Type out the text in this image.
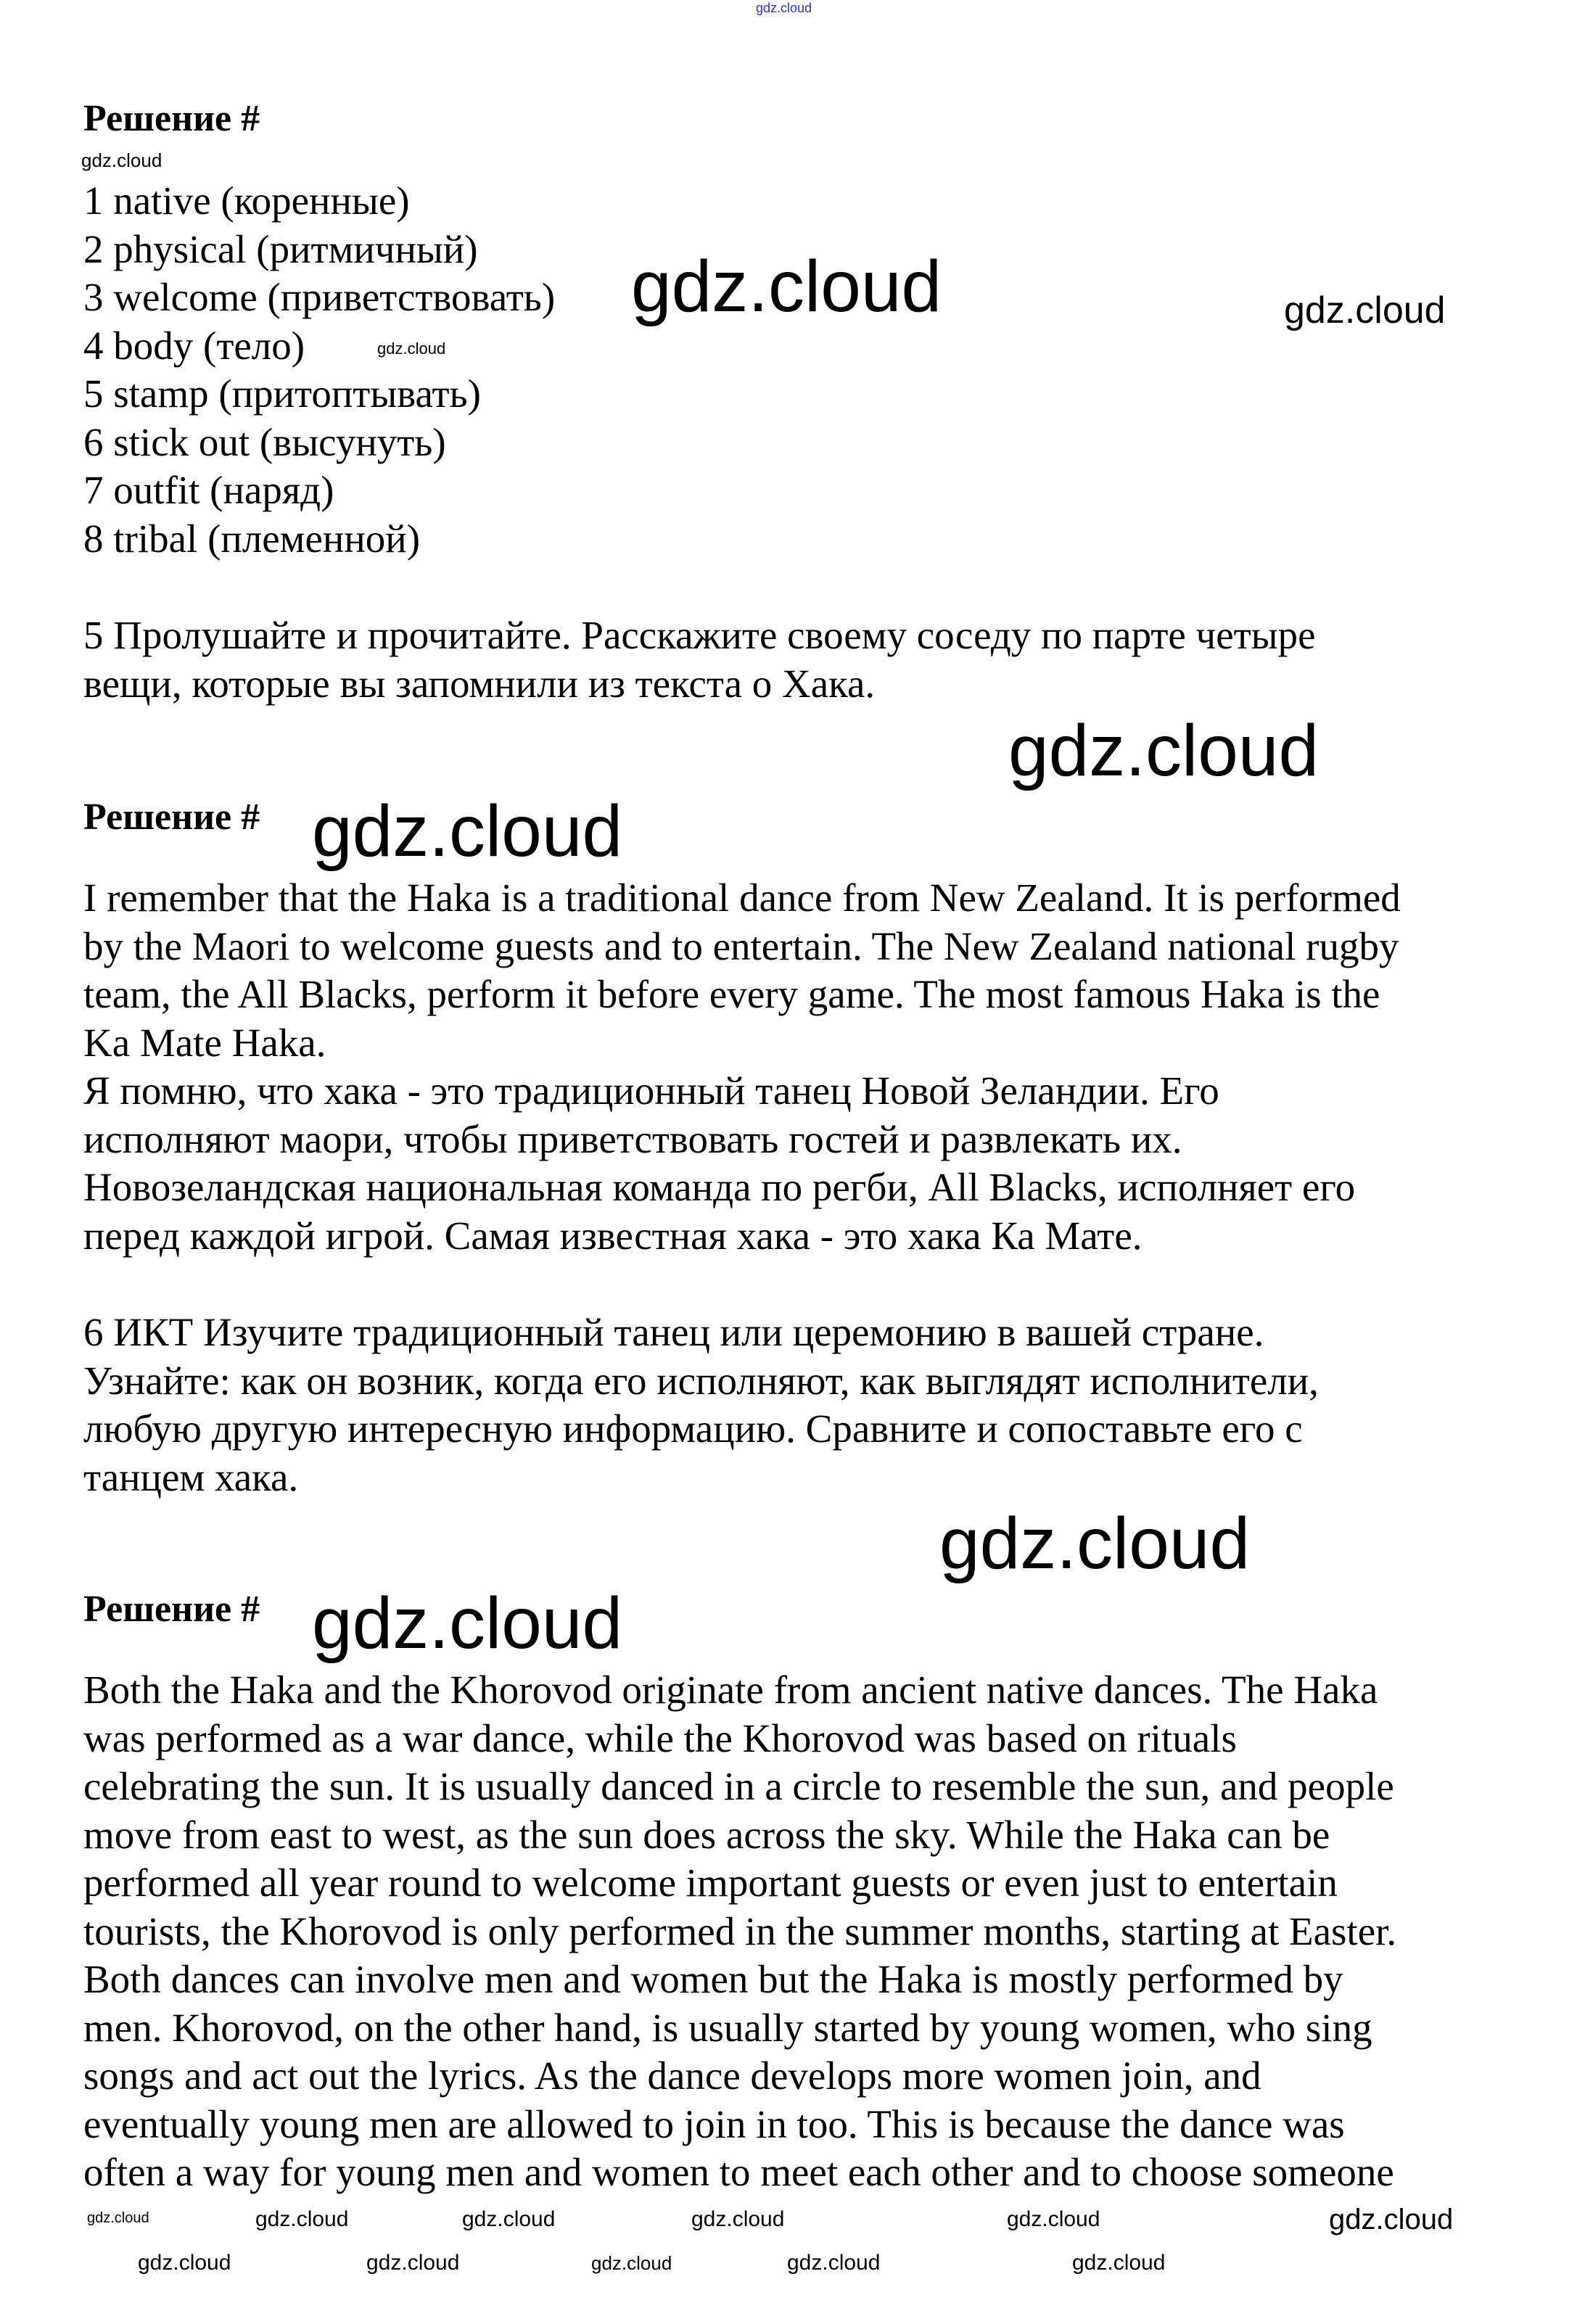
Решение #
1 native (коренные)
2 physical (ритмичный)
3 welcome (приветствовать)
4 body (тело)
5 stamp (притоптывать)
6 stick out (высунуть)
7 outfit (наряд)
8 tribal (племенной)
5 Пролушайте и прочитайте. Расскажите своему соседу по парте четыре
вещи, которые вы запомнили из текста о Хака.
Решение #
I remember that the Haka is a traditional dance from New Zealand. It is performed
by the Maori to welcome guests and to entertain. The New Zealand national rugby
team, the All Blacks, perform it before every game. The most famous Haka is the
Ka Mate Haka.
Я помню, что хака - это традиционный танец Новой Зеландии. Его
исполняют маори, чтобы приветствовать гостей и развлекать их.
Новозеландская национальная команда по регби, All Blacks, исполняет его
перед каждой игрой. Самая известная хака - это хака Ка Мате.
6 ИКТ Изучите традиционный танец или церемонию в вашей стране.
Узнайте: как он возник, когда его исполняют, как выглядят исполнители,
любую другую интересную информацию. Сравните и сопоставьте его с
танцем хака.
Решение #
Both the Haka and the Khorovod originate from ancient native dances. The Haka
was performed as a war dance, while the Khorovod was based on rituals
celebrating the sun. It is usually danced in a circle to resemble the sun, and people
move from east to west, as the sun does across the sky. While the Haka can be
performed all year round to welcome important guests or even just to entertain
tourists, the Khorovod is only performed in the summer months, starting at Easter.
Both dances can involve men and women but the Haka is mostly performed by
men. Khorovod, on the other hand, is usually started by young women, who sing
songs and act out the lyrics. As the dance develops more women join, and
eventually young men are allowed to join in too. This is because the dance was
often a way for young men and women to meet each other and to choose someone
gdz.cloud
gdz.cloud
gdz.cloud
gdz.cloud	gdz.cloud
gdz.cloud
gdz.cloud
gdz.cloud
gdz.cloud
gdz.cloud
gdz.cloud	gdz.cloud	gdz.cloud	gdz.cloud	gdz.cloud
gdz.cloud	gdz.cloud	gdz.cloud
gdz.cloud	gdz.cloud
